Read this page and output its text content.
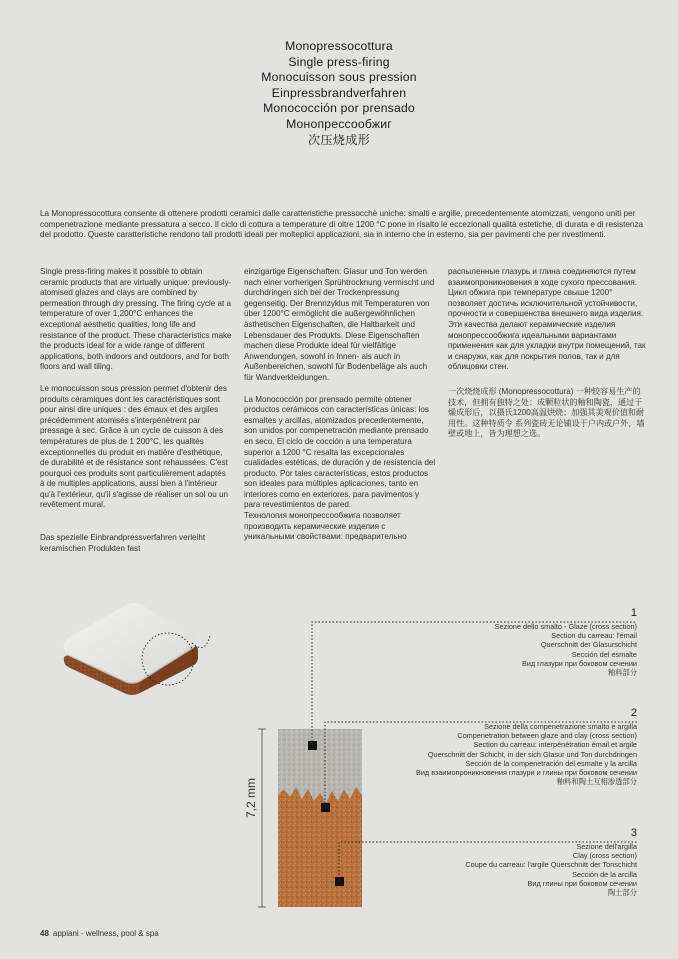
Monopressocottura
Single press-firing
Monocuisson sous pression
Einpressbrandverfahren
Monococción por prensado
Монопрессообжиг
次压烧成形
La Monopressocottura consente di ottenere prodotti ceramici dalle caratteristiche pressocchè uniche: smalti e argille, precedentemente atomizzati, vengono uniti per compenetrazione mediante pressatura a secco. Il ciclo di cottura a temperature di oltre 1200 °C pone in risalto le eccezionali qualità estetiche, di durata e di resistenza del prodotto. Queste caratteristiche rendono tali prodotti ideali per molteplici applicazioni, sia in interno che in esterno, sia per pavimenti che per rivestimenti.

Single press-firing makes it possible to obtain ceramic products that are virtually unique: previously-atomised glazes and clays are combined by permeation through dry pressing. The firing cycle at a temperature of over 1,200°C enhances the exceptional aesthetic qualities, long life and resistance of the product. These characteristics make the products ideal for a wide range of different applications, both indoors and outdoors, and for both floors and wall tiling.

Le monocuisson sous pression permet d'obtenir des produits céramiques dont les caractéristiques sont pour ainsi dire uniques : des émaux et des argiles précédemment atomisés s'interpénètrent par pressage à sec. Grâce à un cycle de cuisson à des températures de plus de 1 200°C, les qualités exceptionnelles du produit en matière d'esthétique, de durabilité et de résistance sont rehaussées. C'est pourquoi ces produits sont particulièrement adaptés à de multiples applications, aussi bien à l'intérieur qu'à l'extérieur, qu'il s'agisse de réaliser un sol ou un revêtement mural.

Das spezielle Einbrandpressverfahren verleiht keramischen Produkten fast

einzigartige Eigenschaften: Glasur und Ton werden nach einer vorherigen Sprühtrocknung vermischt und durchdringen sich bei der Trockenpressung gegenseitig. Der Brennzyklus mit Temperaturen von über 1200°C ermöglicht die außergewöhnlichen ästhetischen Eigenschaften, die Haltbarkeit und Lebensdauer des Produkts. Diese Eigenschaften machen diese Produkte ideal für vielfältige Anwendungen, sowohl in Innen- als auch in Außenbereichen, sowohl für Bodenbeläge als auch für Wandverkleidungen.

La Monococción por prensado permite obtener productos cerámicos con características únicas: los esmaltes y arcillas, atomizados precedentemente, son unidos por compenetración mediante prensado en seco. El ciclo de cocción a una temperatura superior a 1200 °C resalta las excepcionales cualidades estéticas, de duración y de resistencia del producto. Por tales características, estos productos son ideales para múltiples aplicaciones, tanto en interiores como en exteriores, para pavimentos y para revestimientos de pared.

Технология монопрессообжига позволяет производить керамические изделия с уникальными свойствами: предварительно

распыленные глазурь и глина соединяются путем взаимопроникновения в ходе сухого прессования. Цикл обжига при температуре свыше 1200° позволяет достичь исключительной устойчивости, прочности и совершенства внешнего вида изделия. Эти качества делают керамические изделия монопрессообжига идеальными вариантами применения как для укладки внутри помещений, так и снаружи, как для покрытия полов, так и для облицовки стен.

一次烧烧成形 (Monopressocottura) 一种较容易生产的技术，但拥有独特之处：成颗粒状的釉和陶瓷，通过干燥成形后，以摄氏1200高温烘烧；加强其美观价值和耐用性。这种特质令 系列瓷砖无论铺设于户内或户外，墙壁或地上，皆为理想之选。

7,2 mm
1
Sezione dello smalto - Glaze (cross section)
Section du carreau: l'émail
Querschnitt der Glasurschicht
Sección del esmalte
Вид глазури при боковом сечении
釉料部分
2
Sezione della compenetrazione smalto e argilla
Compenetration between glaze and clay (cross section)
Section du carreau: interpénétration émail et argile
Querschnitt der Schicht, in der sich Glasur und Ton durchdringen
Sección de la compenetración del esmalte y la arcilla
Вид взаимопроникновения глазури и глины при боковом сечении
釉料和陶土互相渗透部分
3
Sezione dell'argilla
Clay (cross section)
Coupe du carreau: l'argile Querschnitt der Tonschicht
Sección de la arcilla
Вид глины при боковом сечении
陶土部分
48 appiani - wellness, pool & spa
